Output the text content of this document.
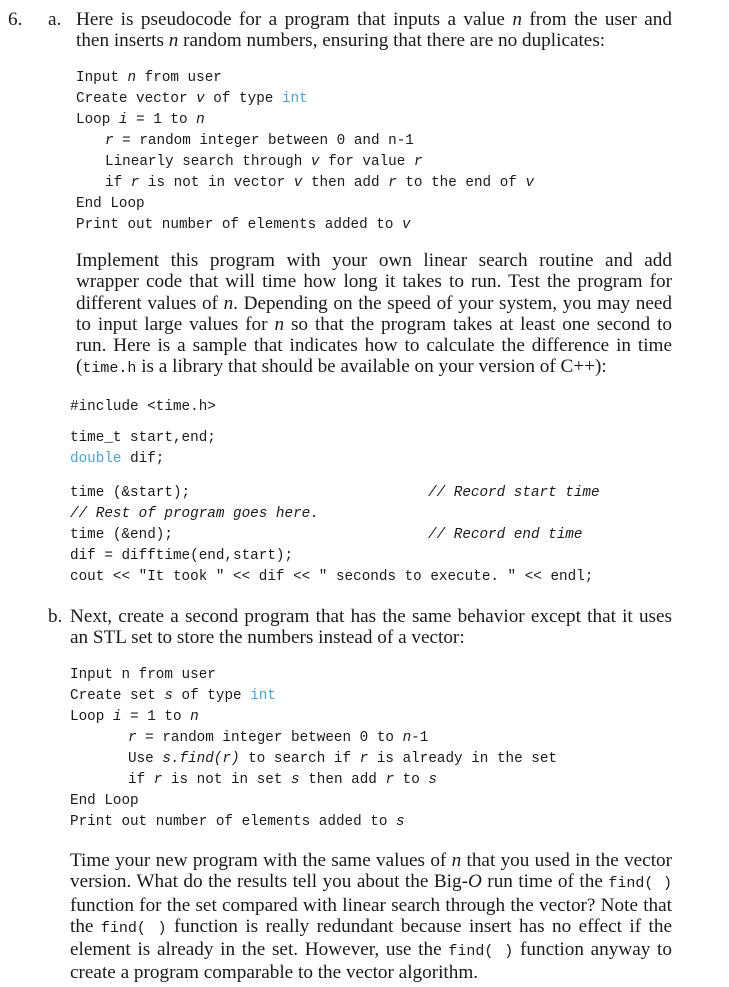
6. a. Here is pseudocode for a program that inputs a value n from the user and then inserts n random numbers, ensuring that there are no duplicates:

Input n from user

Create vector v of type int

Loop i = 1 to n

r = random integer between 0 and n-1

Linearly search through v for value r

if r is not in vector v then add r to the end of v

End Loop

Print out number of elements added to v

Implement this program with your own linear search routine and add wrapper code that will time how long it takes to run. Test the program for different values of n. Depending on the speed of your system, you may need to input large values for n so that the program takes at least one second to run. Here is a sample that indicates how to calculate the difference in time (time.h is a library that should be available on your version of C++):

#include <time.h>

time_t start,end;

double dif;

time (&start);

	// Record start time

// Rest of program goes here.

time (&end);

	// Record end time

dif = difftime(end,start);

cout << "It took " << dif << " seconds to execute. " << endl;

b. Next, create a second program that has the same behavior except that it uses an STL set to store the numbers instead of a vector:

Input n from user

Create set s of type int

Loop i = 1 to n

r = random integer between 0 to n-1

Use s.find(r) to search if r is already in the set

if r is not in set s then add r to s

End Loop

Print out number of elements added to s

Time your new program with the same values of n that you used in the vector version. What do the results tell you about the Big-O run time of the find( ) function for the set compared with linear search through the vector? Note that the find( ) function is really redundant because insert has no effect if the element is already in the set. However, use the find( ) function anyway to create a program comparable to the vector algorithm.
